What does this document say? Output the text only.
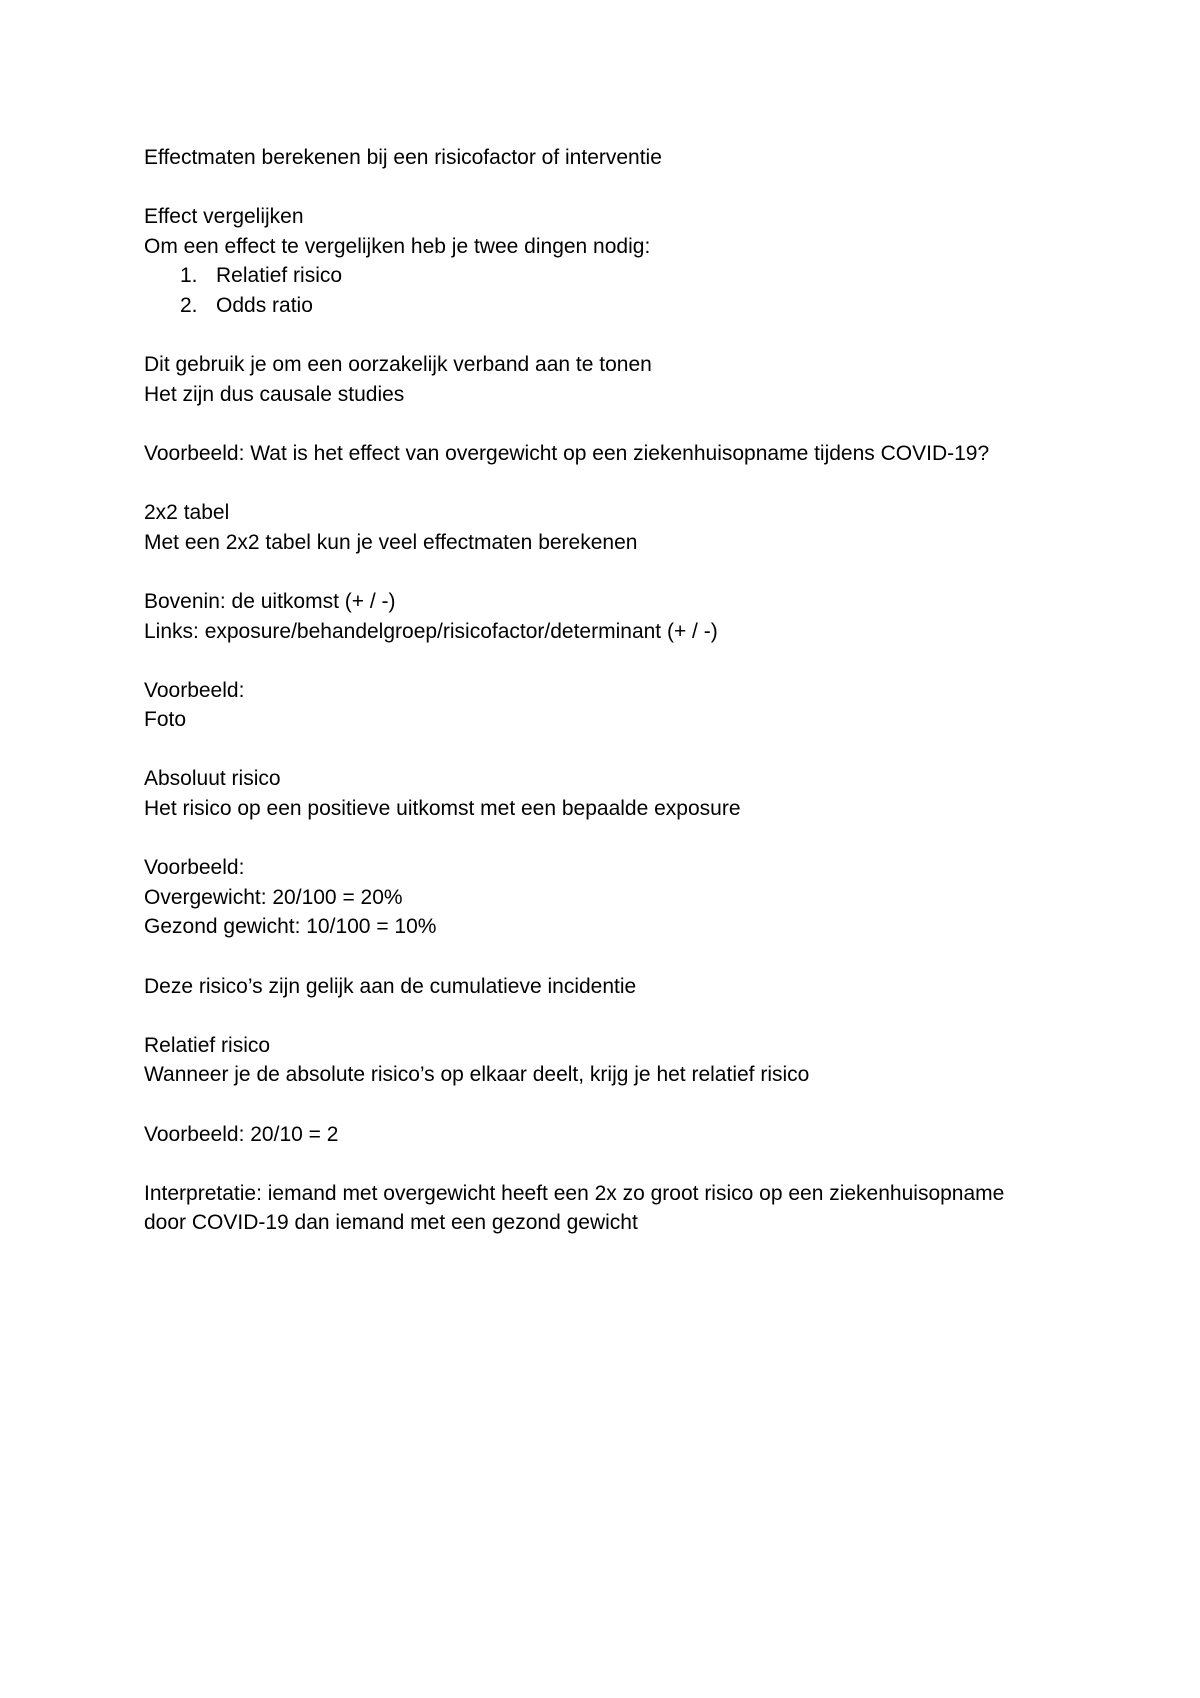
Effectmaten berekenen bij een risicofactor of interventie
Effect vergelijken
Om een effect te vergelijken heb je twee dingen nodig:
1. Relatief risico
2. Odds ratio
Dit gebruik je om een oorzakelijk verband aan te tonen
Het zijn dus causale studies
Voorbeeld: Wat is het effect van overgewicht op een ziekenhuisopname tijdens COVID-19?
2x2 tabel
Met een 2x2 tabel kun je veel effectmaten berekenen
Bovenin: de uitkomst (+ / -)
Links: exposure/behandelgroep/risicofactor/determinant (+ / -)
Voorbeeld:
Foto
Absoluut risico
Het risico op een positieve uitkomst met een bepaalde exposure
Voorbeeld:
Overgewicht: 20/100 = 20%
Gezond gewicht: 10/100 = 10%
Deze risico’s zijn gelijk aan de cumulatieve incidentie
Relatief risico
Wanneer je de absolute risico’s op elkaar deelt, krijg je het relatief risico
Voorbeeld: 20/10 = 2
Interpretatie: iemand met overgewicht heeft een 2x zo groot risico op een ziekenhuisopname
door COVID-19 dan iemand met een gezond gewicht
